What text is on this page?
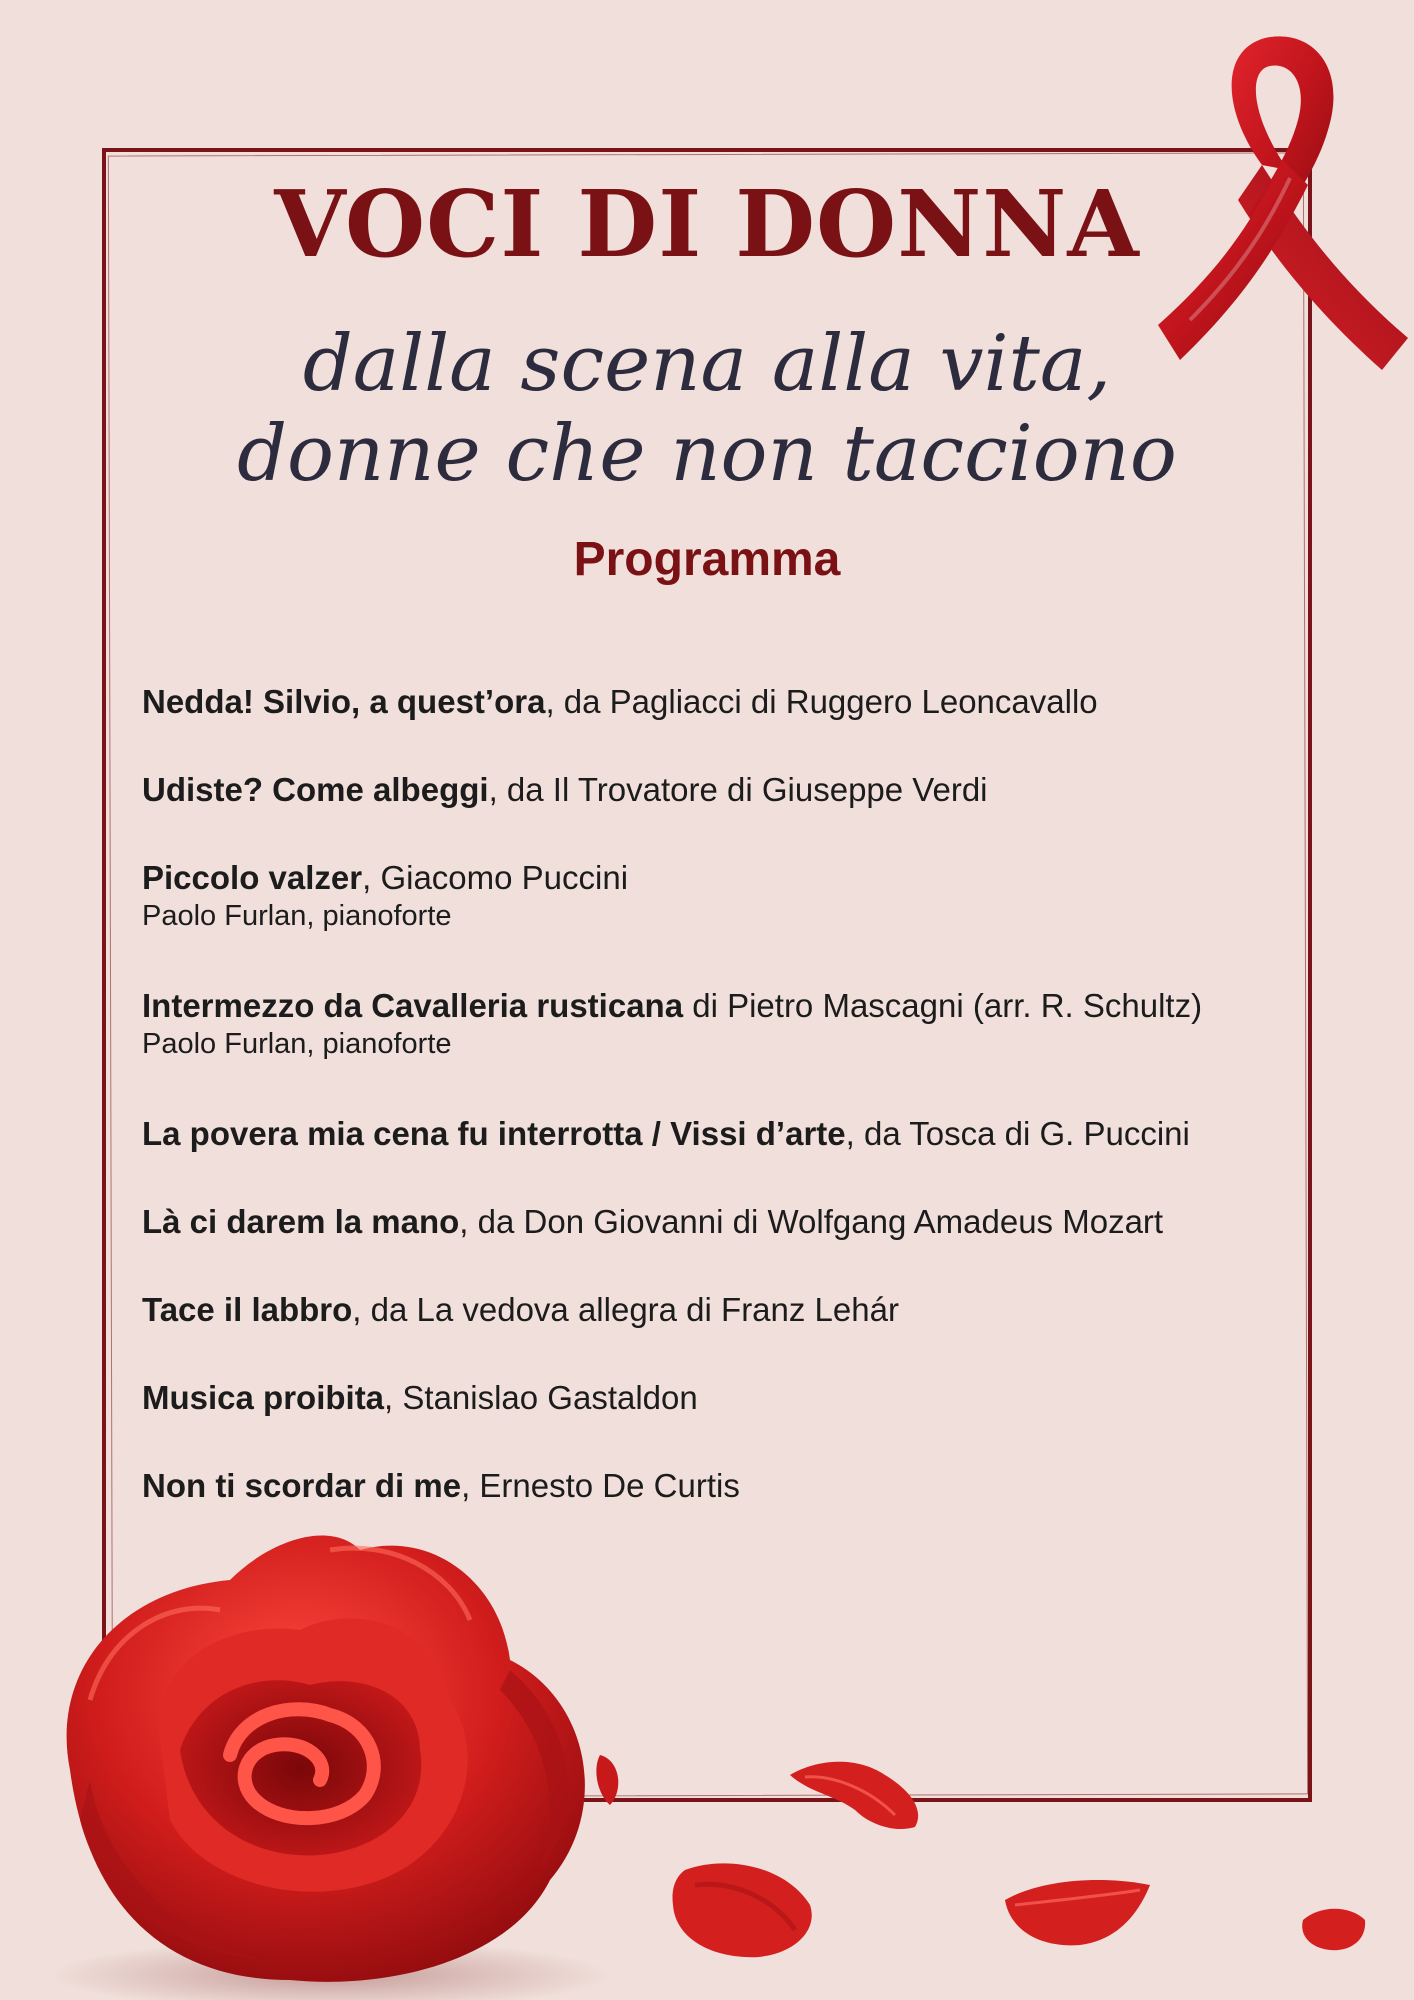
VOCI DI DONNA

dalla scena alla vita,

donne che non tacciono

Programma
Nedda! Silvio, a quest’ora, da Pagliacci di Ruggero Leoncavallo
Udiste? Come albeggi, da Il Trovatore di Giuseppe Verdi
Piccolo valzer, Giacomo Puccini
Paolo Furlan, pianoforte
Intermezzo da Cavalleria rusticana di Pietro Mascagni (arr. R. Schultz)
Paolo Furlan, pianoforte
La povera mia cena fu interrotta / Vissi d’arte, da Tosca di G. Puccini
Là ci darem la mano, da Don Giovanni di Wolfgang Amadeus Mozart
Tace il labbro, da La vedova allegra di Franz Lehár
Musica proibita, Stanislao Gastaldon
Non ti scordar di me, Ernesto De Curtis
